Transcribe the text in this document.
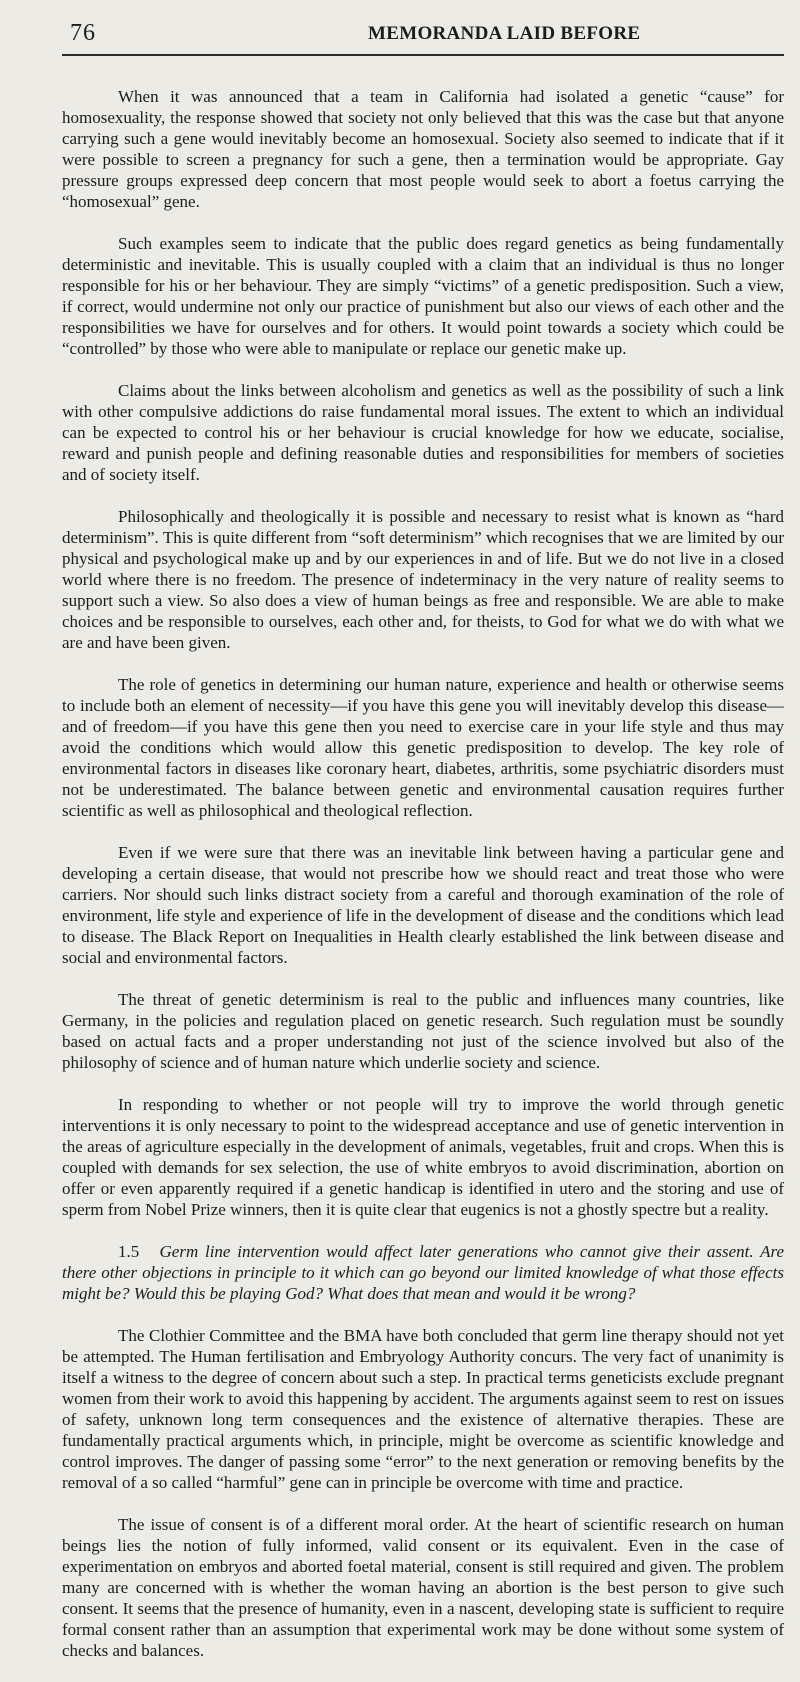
76	MEMORANDA LAID BEFORE

When it was announced that a team in California had isolated a genetic “cause” for homosexuality, the response showed that society not only believed that this was the case but that anyone carrying such a gene would inevitably become an homosexual. Society also seemed to indicate that if it were possible to screen a pregnancy for such a gene, then a termination would be appropriate. Gay pressure groups expressed deep concern that most people would seek to abort a foetus carrying the “homosexual” gene.

Such examples seem to indicate that the public does regard genetics as being fundamentally deterministic and inevitable. This is usually coupled with a claim that an individual is thus no longer responsible for his or her behaviour. They are simply “victims” of a genetic predisposition. Such a view, if correct, would undermine not only our practice of punishment but also our views of each other and the responsibilities we have for ourselves and for others. It would point towards a society which could be “controlled” by those who were able to manipulate or replace our genetic make up.

Claims about the links between alcoholism and genetics as well as the possibility of such a link with other compulsive addictions do raise fundamental moral issues. The extent to which an individual can be expected to control his or her behaviour is crucial knowledge for how we educate, socialise, reward and punish people and defining reasonable duties and responsibilities for members of societies and of society itself.

Philosophically and theologically it is possible and necessary to resist what is known as “hard determinism”. This is quite different from “soft determinism” which recognises that we are limited by our physical and psychological make up and by our experiences in and of life. But we do not live in a closed world where there is no freedom. The presence of indeterminacy in the very nature of reality seems to support such a view. So also does a view of human beings as free and responsible. We are able to make choices and be responsible to ourselves, each other and, for theists, to God for what we do with what we are and have been given.

The role of genetics in determining our human nature, experience and health or otherwise seems to include both an element of necessity—if you have this gene you will inevitably develop this disease—and of freedom—if you have this gene then you need to exercise care in your life style and thus may avoid the conditions which would allow this genetic predisposition to develop. The key role of environmental factors in diseases like coronary heart, diabetes, arthritis, some psychiatric disorders must not be underestimated. The balance between genetic and environmental causation requires further scientific as well as philosophical and theological reflection.

Even if we were sure that there was an inevitable link between having a particular gene and developing a certain disease, that would not prescribe how we should react and treat those who were carriers. Nor should such links distract society from a careful and thorough examination of the role of environment, life style and experience of life in the development of disease and the conditions which lead to disease. The Black Report on Inequalities in Health clearly established the link between disease and social and environmental factors.

The threat of genetic determinism is real to the public and influences many countries, like Germany, in the policies and regulation placed on genetic research. Such regulation must be soundly based on actual facts and a proper understanding not just of the science involved but also of the philosophy of science and of human nature which underlie society and science.

In responding to whether or not people will try to improve the world through genetic interventions it is only necessary to point to the widespread acceptance and use of genetic intervention in the areas of agriculture especially in the development of animals, vegetables, fruit and crops. When this is coupled with demands for sex selection, the use of white embryos to avoid discrimination, abortion on offer or even apparently required if a genetic handicap is identified in utero and the storing and use of sperm from Nobel Prize winners, then it is quite clear that eugenics is not a ghostly spectre but a reality.

1.5 Germ line intervention would affect later generations who cannot give their assent. Are there other objections in principle to it which can go beyond our limited knowledge of what those effects might be? Would this be playing God? What does that mean and would it be wrong?

The Clothier Committee and the BMA have both concluded that germ line therapy should not yet be attempted. The Human fertilisation and Embryology Authority concurs. The very fact of unanimity is itself a witness to the degree of concern about such a step. In practical terms geneticists exclude pregnant women from their work to avoid this happening by accident. The arguments against seem to rest on issues of safety, unknown long term consequences and the existence of alternative therapies. These are fundamentally practical arguments which, in principle, might be overcome as scientific knowledge and control improves. The danger of passing some “error” to the next generation or removing benefits by the removal of a so called “harmful” gene can in principle be overcome with time and practice.

The issue of consent is of a different moral order. At the heart of scientific research on human beings lies the notion of fully informed, valid consent or its equivalent. Even in the case of experimentation on embryos and aborted foetal material, consent is still required and given. The problem many are concerned with is whether the woman having an abortion is the best person to give such consent. It seems that the presence of humanity, even in a nascent, developing state is sufficient to require formal consent rather than an assumption that experimental work may be done without some system of checks and balances.
